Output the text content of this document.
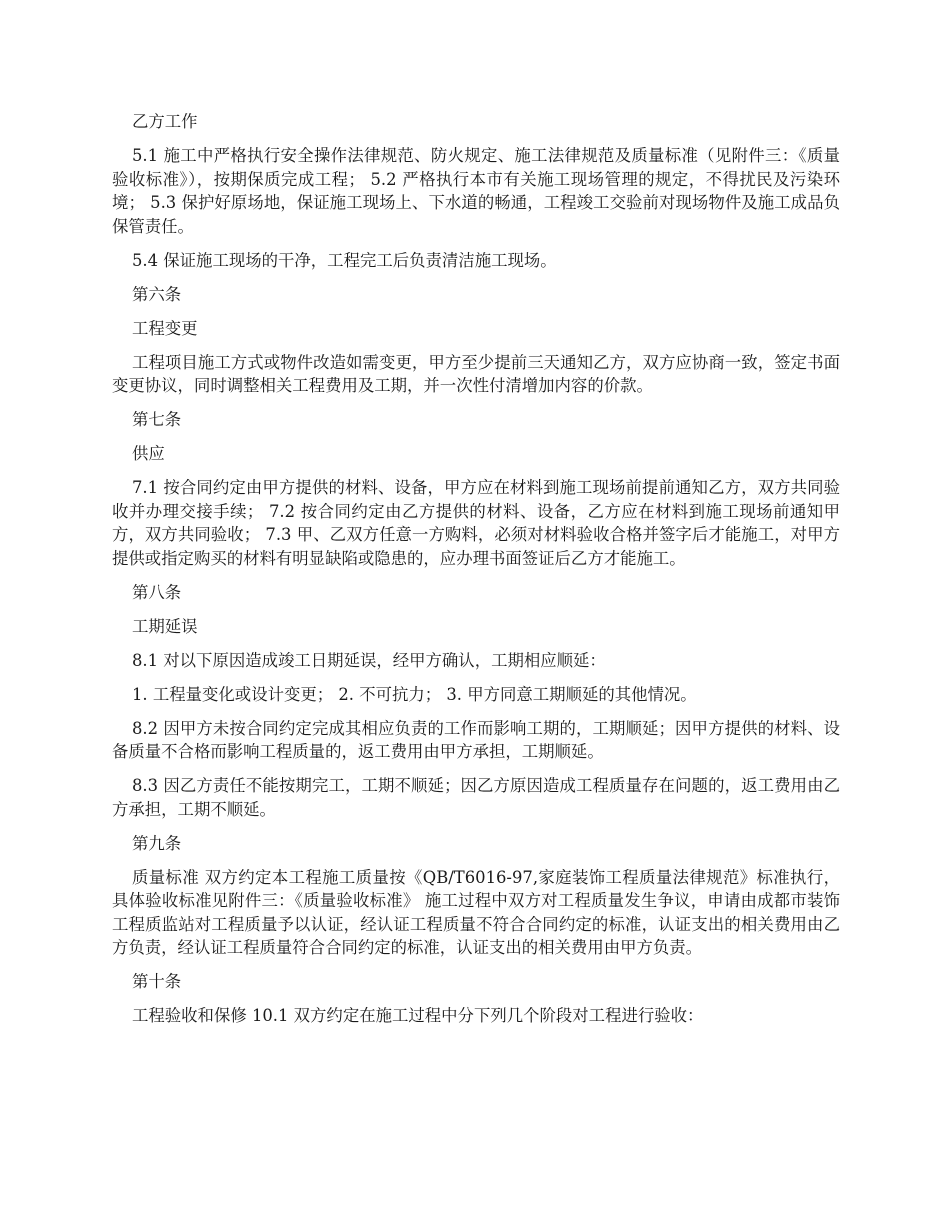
乙方工作

5.1 施工中严格执行安全操作法律规范、防火规定、施工法律规范及质量标准（见附件三：《质量验收标准》），按期保质完成工程； 5.2 严格执行本市有关施工现场管理的规定，不得扰民及污染环境； 5.3 保护好原场地，保证施工现场上、下水道的畅通，工程竣工交验前对现场物件及施工成品负保管责任。

5.4 保证施工现场的干净，工程完工后负责清洁施工现场。

第六条

工程变更

工程项目施工方式或物件改造如需变更，甲方至少提前三天通知乙方，双方应协商一致，签定书面变更协议，同时调整相关工程费用及工期，并一次性付清增加内容的价款。

第七条

供应

7.1 按合同约定由甲方提供的材料、设备，甲方应在材料到施工现场前提前通知乙方，双方共同验收并办理交接手续； 7.2 按合同约定由乙方提供的材料、设备，乙方应在材料到施工现场前通知甲方，双方共同验收； 7.3 甲、乙双方任意一方购料，必须对材料验收合格并签字后才能施工，对甲方提供或指定购买的材料有明显缺陷或隐患的，应办理书面签证后乙方才能施工。

第八条

工期延误

8.1 对以下原因造成竣工日期延误，经甲方确认，工期相应顺延：

1. 工程量变化或设计变更； 2. 不可抗力； 3. 甲方同意工期顺延的其他情况。

8.2 因甲方未按合同约定完成其相应负责的工作而影响工期的，工期顺延；因甲方提供的材料、设备质量不合格而影响工程质量的，返工费用由甲方承担，工期顺延。

8.3 因乙方责任不能按期完工，工期不顺延；因乙方原因造成工程质量存在问题的，返工费用由乙方承担，工期不顺延。

第九条

质量标准 双方约定本工程施工质量按《QB/T6016-97,家庭装饰工程质量法律规范》标准执行， 具体验收标准见附件三：《质量验收标准》 施工过程中双方对工程质量发生争议，申请由成都市装饰工程质监站对工程质量予以认证，经认证工程质量不符合合同约定的标准，认证支出的相关费用由乙方负责，经认证工程质量符合合同约定的标准，认证支出的相关费用由甲方负责。

第十条

工程验收和保修 10.1 双方约定在施工过程中分下列几个阶段对工程进行验收：
